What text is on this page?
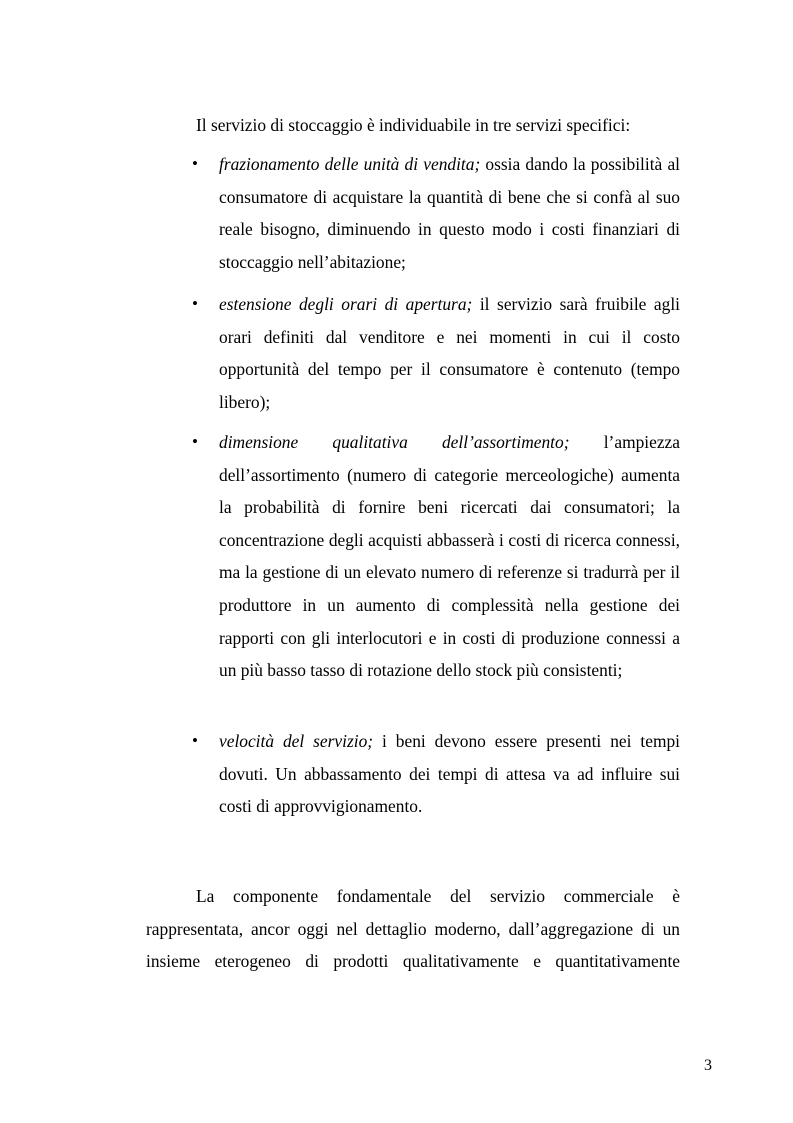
Il servizio di stoccaggio è individuabile in tre servizi specifici:
•	frazionamento delle unità di vendita; ossia dando la possibilità al consumatore di acquistare la quantità di bene che si confà al suo reale bisogno, diminuendo in questo modo i costi finanziari di stoccaggio nell’abitazione;
•	estensione degli orari di apertura; il servizio sarà fruibile agli orari definiti dal venditore e nei momenti in cui il costo opportunità del tempo per il consumatore è contenuto (tempo libero);
•	dimensione qualitativa dell’assortimento; l’ampiezza dell’assortimento (numero di categorie merceologiche) aumenta la probabilità di fornire beni ricercati dai consumatori; la concentrazione degli acquisti abbasserà i costi di ricerca connessi, ma la gestione di un elevato numero di referenze si tradurrà per il produttore in un aumento di complessità nella gestione dei rapporti con gli interlocutori e in costi di produzione connessi a un più basso tasso di rotazione dello stock più consistenti;
•	velocità del servizio; i beni devono essere presenti nei tempi dovuti. Un abbassamento dei tempi di attesa va ad influire sui costi di approvvigionamento.

La componente fondamentale del servizio commerciale è rappresentata, ancor oggi nel dettaglio moderno, dall’aggregazione di un insieme eterogeneo di prodotti qualitativamente e quantitativamente

3
